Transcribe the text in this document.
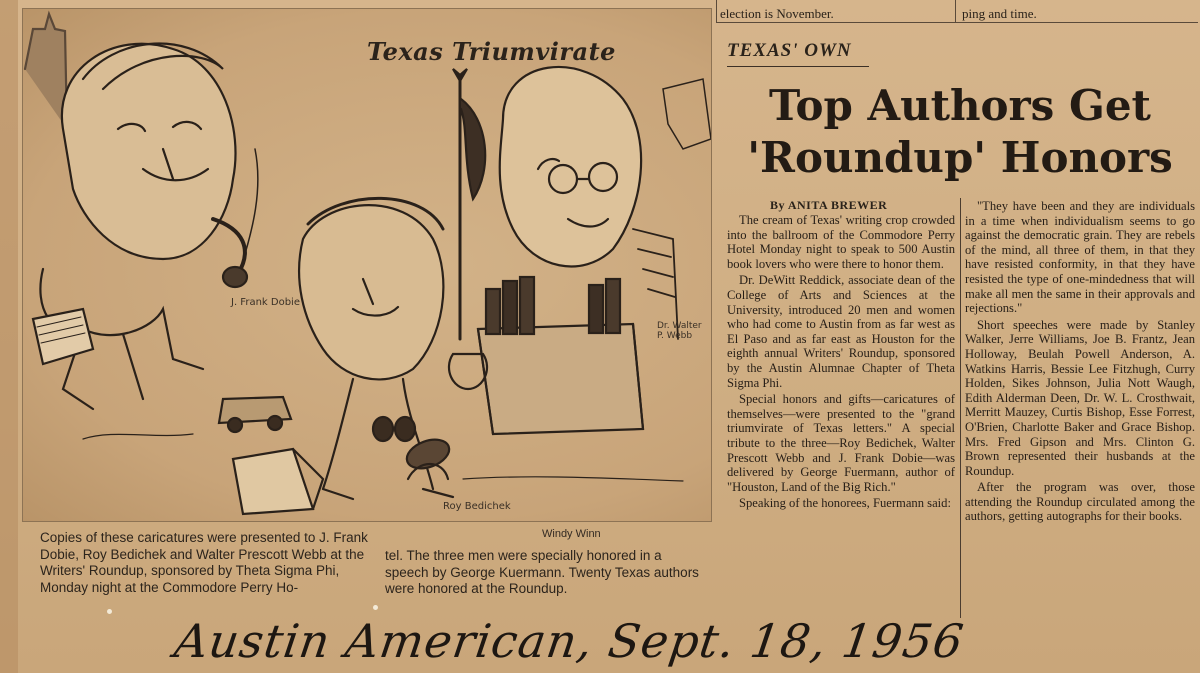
Texas Triumvirate
J. Frank Dobie
Dr. Walter P. Webb
Roy Bedichek
Windy Winn
Copies of these caricatures were presented to J. Frank Dobie, Roy Bedichek and Walter Prescott Webb at the Writers' Roundup, sponsored by Theta Sigma Phi, Monday night at the Commodore Perry Ho-
tel. The three men were specially honored in a speech by George Kuermann. Twenty Texas authors were honored at the Roundup.
election is November.	ping and time.
TEXAS' OWN
Top Authors Get
'Roundup' Honors
By ANITA BREWER

The cream of Texas' writing crop crowded into the ballroom of the Commodore Perry Hotel Monday night to speak to 500 Austin book lovers who were there to honor them.

Dr. DeWitt Reddick, associate dean of the College of Arts and Sciences at the University, introduced 20 men and women who had come to Austin from as far west as El Paso and as far east as Houston for the eighth annual Writers' Roundup, sponsored by the Austin Alumnae Chapter of Theta Sigma Phi.

Special honors and gifts—caricatures of themselves—were presented to the "grand triumvirate of Texas letters." A special tribute to the three—Roy Bedichek, Walter Prescott Webb and J. Frank Dobie—was delivered by George Fuermann, author of "Houston, Land of the Big Rich."

Speaking of the honorees, Fuermann said:

"They have been and they are individuals in a time when individualism seems to go against the democratic grain. They are rebels of the mind, all three of them, in that they have resisted conformity, in that they have resisted the type of one-mindedness that will make all men the same in their approvals and rejections."

Short speeches were made by Stanley Walker, Jerre Williams, Joe B. Frantz, Jean Holloway, Beulah Powell Anderson, A. Watkins Harris, Bessie Lee Fitzhugh, Curry Holden, Sikes Johnson, Julia Nott Waugh, Edith Alderman Deen, Dr. W. L. Crosthwait, Merritt Mauzey, Curtis Bishop, Esse Forrest, O'Brien, Charlotte Baker and Grace Bishop. Mrs. Fred Gipson and Mrs. Clinton G. Brown represented their husbands at the Roundup.

After the program was over, those attending the Roundup circulated among the authors, getting autographs for their books.

Austin American, Sept. 18, 1956
